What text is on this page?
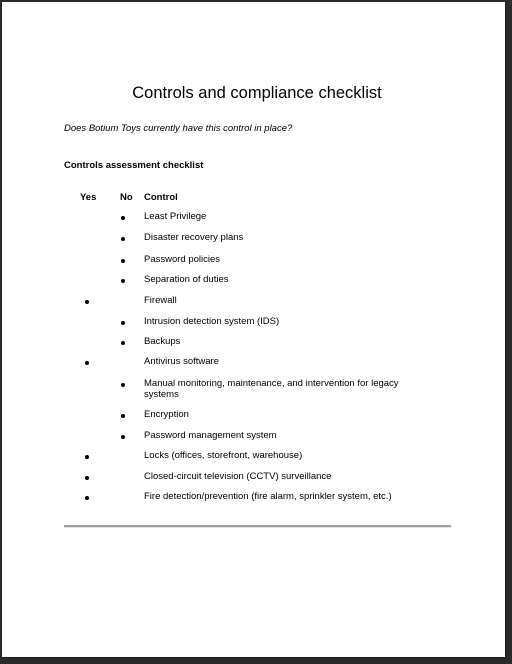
Controls and compliance checklist
Does Botium Toys currently have this control in place?
Controls assessment checklist
Yes No Control
Least Privilege
Disaster recovery plans
Password policies
Separation of duties
Firewall
Intrusion detection system (IDS)
Backups
Antivirus software
Manual monitoring, maintenance, and intervention for legacy systems
Encryption
Password management system
Locks (offices, storefront, warehouse)
Closed-circuit television (CCTV) surveillance
Fire detection/prevention (fire alarm, sprinkler system, etc.)
